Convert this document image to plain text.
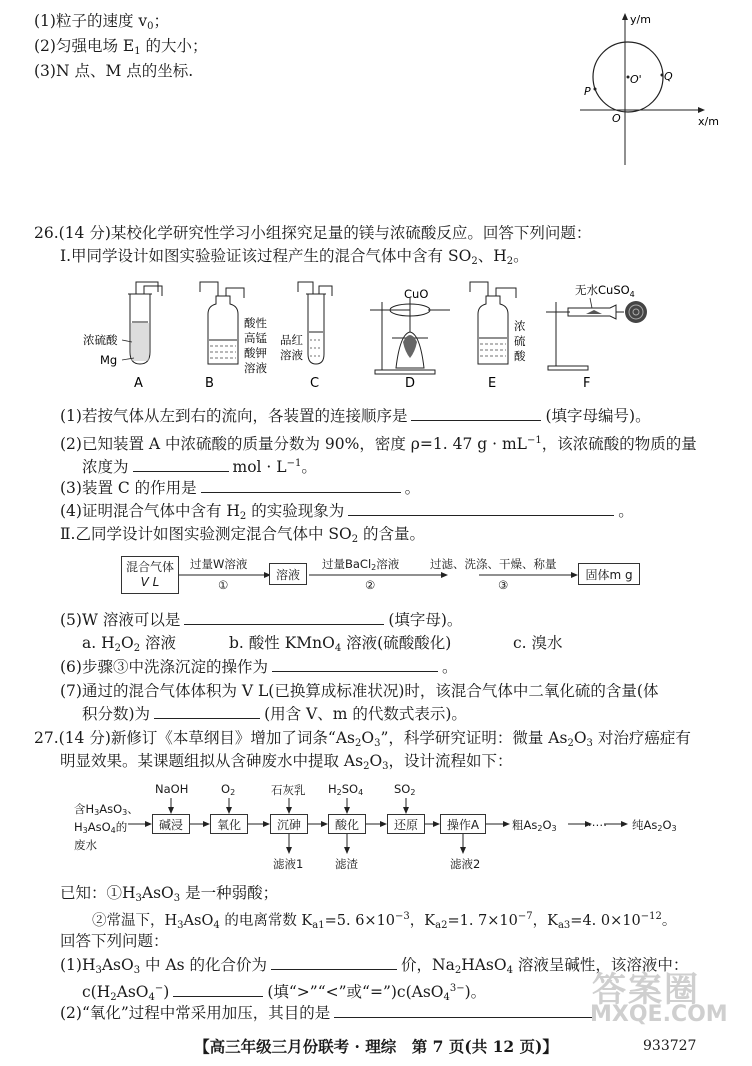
(1)粒子的速度 $v_0$；
(2)匀强电场 $E_1$ 的大小；
(3)N 点、M 点的坐标.
y/m
x/m
O
O'
P
Q
26.(14 分)某校化学研究性学习小组探究足量的镁与浓硫酸反应。回答下列问题：
Ⅰ.甲同学设计如图实验验证该过程产生的混合气体中含有 $SO_2$、$H_2$。
浓硫酸
Mg
A
酸性
高锰
酸钾
溶液
B
品红
溶液
C
CuO
D
浓
硫
酸
E
无水CuSO$_4$
F
(1)若按气体从左到右的流向，各装置的连接顺序是	(填字母编号)。
(2)已知装置 A 中浓硫酸的质量分数为 90%，密度 ρ=1. 47 $g \cdot mL^{-1}$，该浓硫酸的物质的量
浓度为	mol · $L^{-1}$。
(3)装置 C 的作用是	。
(4)证明混合气体中含有 $H_2$ 的实验现象为	。
Ⅱ.乙同学设计如图实验测定混合气体中 $SO_2$ 的含量。
混合气体
V L
过量W溶液
①
溶液
过量BaCl2溶液
②
过滤、洗涤、干燥、称量
③
固体m g
(5)W 溶液可以是	(填字母)。
a. $H_2O_2$ 溶液	b. 酸性 KMnO$_4$ 溶液(硫酸酸化)	c. 溴水
(6)步骤③中洗涤沉淀的操作为	。
(7)通过的混合气体体积为 V L(已换算成标准状况)时，该混合气体中二氧化硫的含量(体
积分数)为	(用含 V、m 的代数式表示)。
27.(14 分)新修订《本草纲目》增加了词条“$As_2O_3$”，科学研究证明：微量 $As_2O_3$ 对治疗癌症有
明显效果。某课题组拟从含砷废水中提取 $As_2O_3$，设计流程如下：
含H3AsO3、
H3AsO4的
废水
碱浸	氧化	沉砷	酸化	还原	操作A
NaOH	O2	石灰乳 H2SO4	SO2
滤液1	滤渣	滤液2
粗As2O3 …… 纯As2O3
已知：$①H_3AsO_3$ 是一种弱酸；
②常温下，$H_3AsO_4$ 的电离常数 $K_{a1}=5$. $6\times 10^{-3}$，$K_{a2}=1$. $7\times 10^{-7}$，$K_{a3}=4$. $0\times 10^{-12}$。
回答下列问题：
$(1)H_3AsO_3$ 中 As 的化合价为	价，$Na_2HAsO_4$ 溶液呈碱性，该溶液中：
$c(H_2AsO_4^-)$	(填“>”“<”或“=”)c(AsO$_4^{3-}$)。
(2)“氧化”过程中常采用加压，其目的是
答案圈
MXQE.COM
【高三年级三月份联考 · 理综　第 7 页(共 12 页)】	933727
